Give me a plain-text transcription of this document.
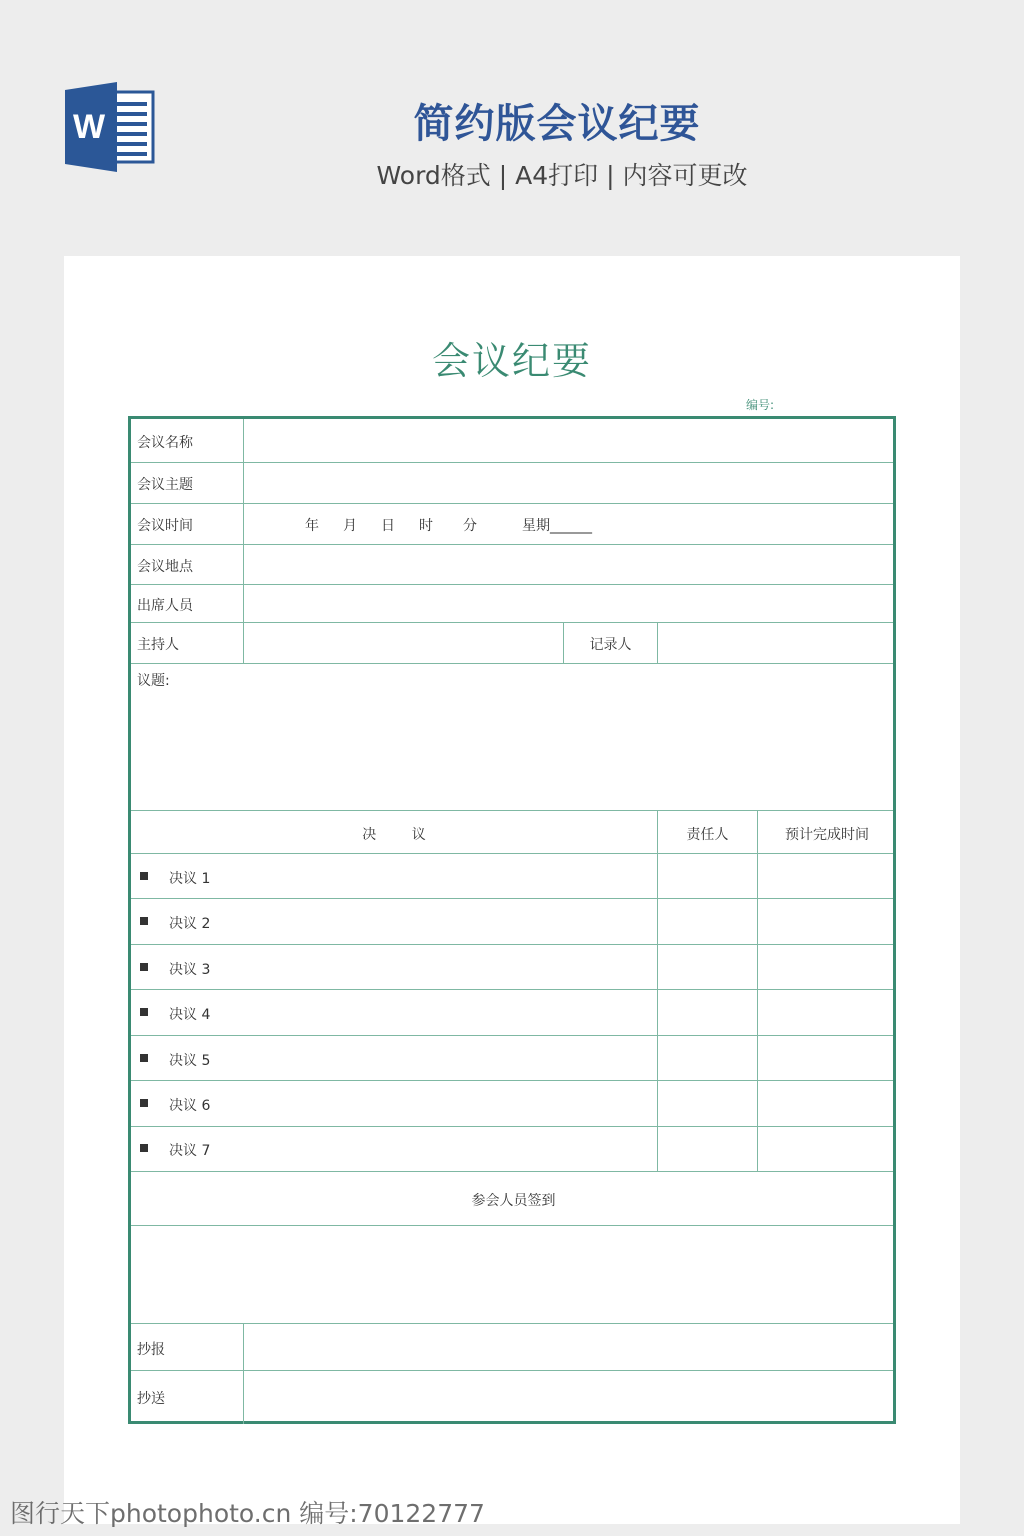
W	简约版会议纪要
Word格式 | A4打印 | 内容可更改
会议纪要
编号:
会议名称
会议主题
会议时间	年 月 日 时 分	星期______
会议地点
出席人员
主持人	记录人
议题:
决        议	责任人	预计完成时间
决议 1
决议 2
决议 3
决议 4
决议 5
决议 6
决议 7
参会人员签到
抄报
抄送
图行天下photophoto.cn 编号:70122777
